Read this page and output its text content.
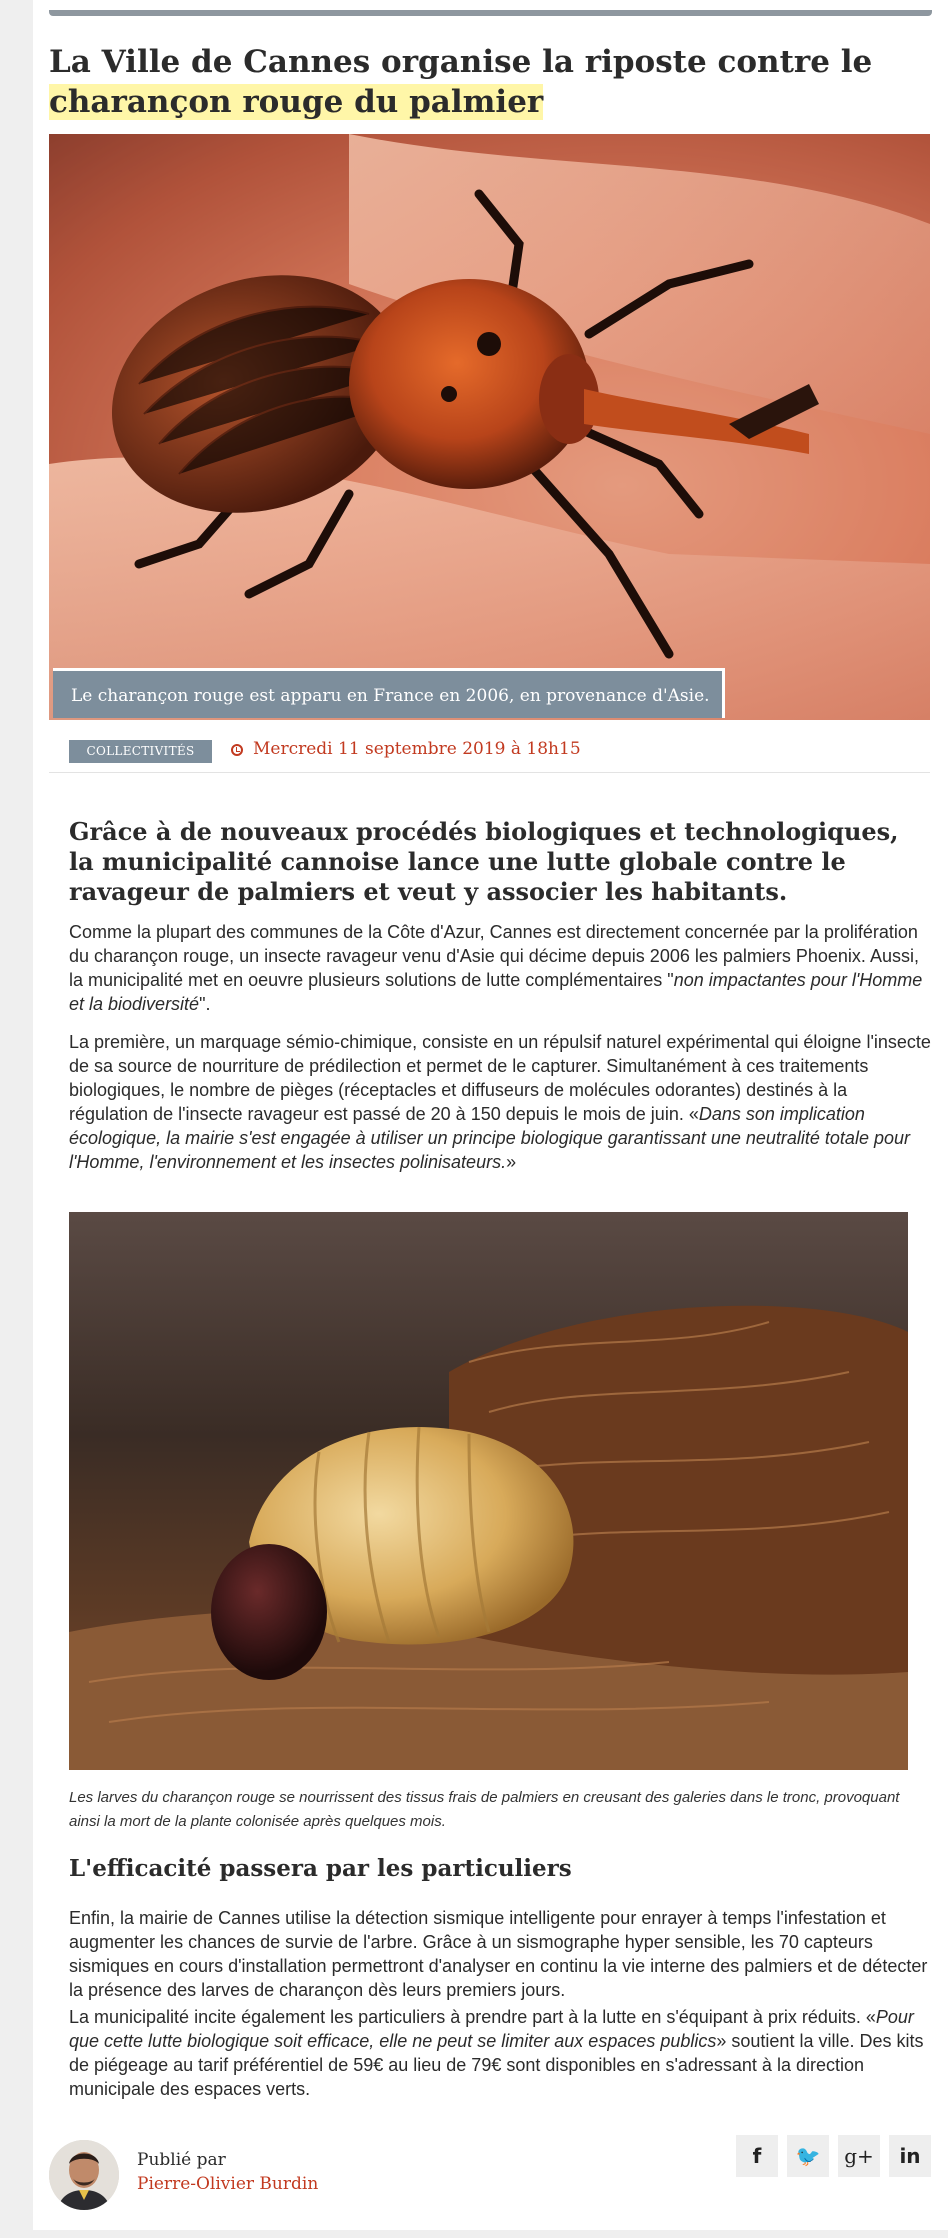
La Ville de Cannes organise la riposte contre le charançon rouge du palmier
Le charançon rouge est apparu en France en 2006, en provenance d'Asie.
COLLECTIVITÉS	Mercredi 11 septembre 2019 à 18h15
Grâce à de nouveaux procédés biologiques et technologiques, la municipalité cannoise lance une lutte globale contre le ravageur de palmiers et veut y associer les habitants.

Comme la plupart des communes de la Côte d'Azur, Cannes est directement concernée par la prolifération du charançon rouge, un insecte ravageur venu d'Asie qui décime depuis 2006 les palmiers Phoenix. Aussi, la municipalité met en oeuvre plusieurs solutions de lutte complémentaires "non impactantes pour l'Homme et la biodiversité".

La première, un marquage sémio-chimique, consiste en un répulsif naturel expérimental qui éloigne l'insecte de sa source de nourriture de prédilection et permet de le capturer. Simultanément à ces traitements biologiques, le nombre de pièges (réceptacles et diffuseurs de molécules odorantes) destinés à la régulation de l'insecte ravageur est passé de 20 à 150 depuis le mois de juin. «Dans son implication écologique, la mairie s'est engagée à utiliser un principe biologique garantissant une neutralité totale pour l'Homme, l'environnement et les insectes polinisateurs.»

Les larves du charançon rouge se nourrissent des tissus frais de palmiers en creusant des galeries dans le tronc, provoquant ainsi la mort de la plante colonisée après quelques mois.

L'efficacité passera par les particuliers

Enfin, la mairie de Cannes utilise la détection sismique intelligente pour enrayer à temps l'infestation et augmenter les chances de survie de l'arbre. Grâce à un sismographe hyper sensible, les 70 capteurs sismiques en cours d'installation permettront d'analyser en continu la vie interne des palmiers et de détecter la présence des larves de charançon dès leurs premiers jours.

La municipalité incite également les particuliers à prendre part à la lutte en s'équipant à prix réduits. «Pour que cette lutte biologique soit efficace, elle ne peut se limiter aux espaces publics» soutient la ville. Des kits de piégeage au tarif préférentiel de 59€ au lieu de 79€ sont disponibles en s'adressant à la direction municipale des espaces verts.

Publié par
Pierre-Olivier Burdin
f 🐦 g+ in
